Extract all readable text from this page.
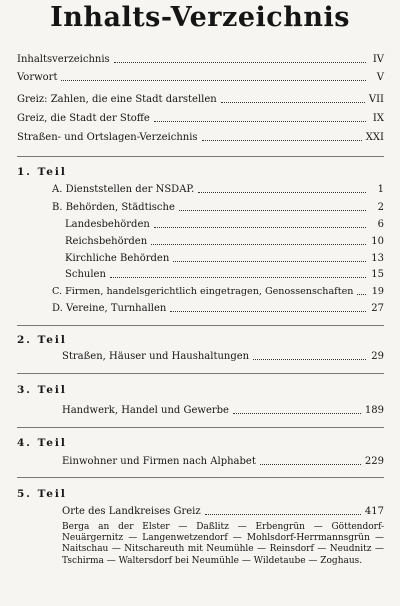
Inhalts-Verzeichnis
Inhaltsverzeichnis	IV
Vorwort	V
Greiz: Zahlen, die eine Stadt darstellen	VII
Greiz, die Stadt der Stoffe	IX
Straßen- und Ortslagen-Verzeichnis	XXI
1. Teil
A. Dienststellen der NSDAP.	1
B. Behörden, Städtische	2
Landesbehörden	6
Reichsbehörden	10
Kirchliche Behörden	13
Schulen	15
C. Firmen, handelsgerichtlich eingetragen, Genossenschaften 19
D. Vereine, Turnhallen	27
2. Teil
Straßen, Häuser und Haushaltungen	29
3. Teil
Handwerk, Handel und Gewerbe	189
4. Teil
Einwohner und Firmen nach Alphabet	229
5. Teil
Orte des Landkreises Greiz	417
Berga an der Elster — Daßlitz — Erbengrün — Göttendorf-Neuärgernitz — Langenwetzendorf — Mohlsdorf-Herrmannsgrün — Naitschau — Nitschareuth mit Neumühle — Reinsdorf — Neudnitz — Tschirma — Waltersdorf bei Neumühle — Wildetaube — Zoghaus.
